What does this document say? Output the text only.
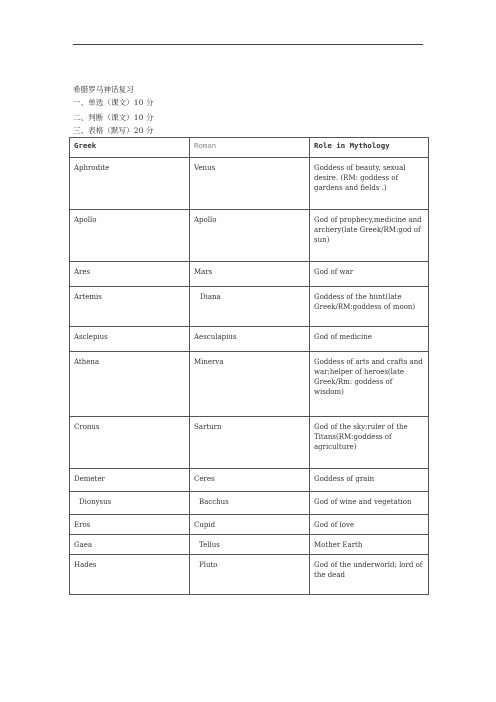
希腊罗马神话复习
一、单选（课文）10 分
二、判断（课文）10 分
三、表格（默写）20 分
Greek	Roman	Role in Mythology
Aphrodite	Venus	Goddess of beauty, sexual desire. (RM: goddess of gardens and fields .)
Apollo	Apollo	God of prophecy,medicine and archery(late Greek/RM:god of sun)
Ares	Mars	God of war
Artemis	Diana	Goddess of the hunt(late Greek/RM:goddess of moon)
Asclepius	Aesculapius	God of medicine
Athena	Minerva	Goddess of arts and crafts and war;helper of heroes(late Greek/Rm: goddess of wisdom)
Cronus	Sarturn	God of the sky;ruler of the Titans(RM:goddess of agriculture)
Demeter	Ceres	Goddess of grain
Dionysus	Bacchus	God of wine and vegetation
Eros	Cupid	God of love
Gaea	Tellus	Mother Earth
Hades	Pluto	God of the underworld; lord of the dead
